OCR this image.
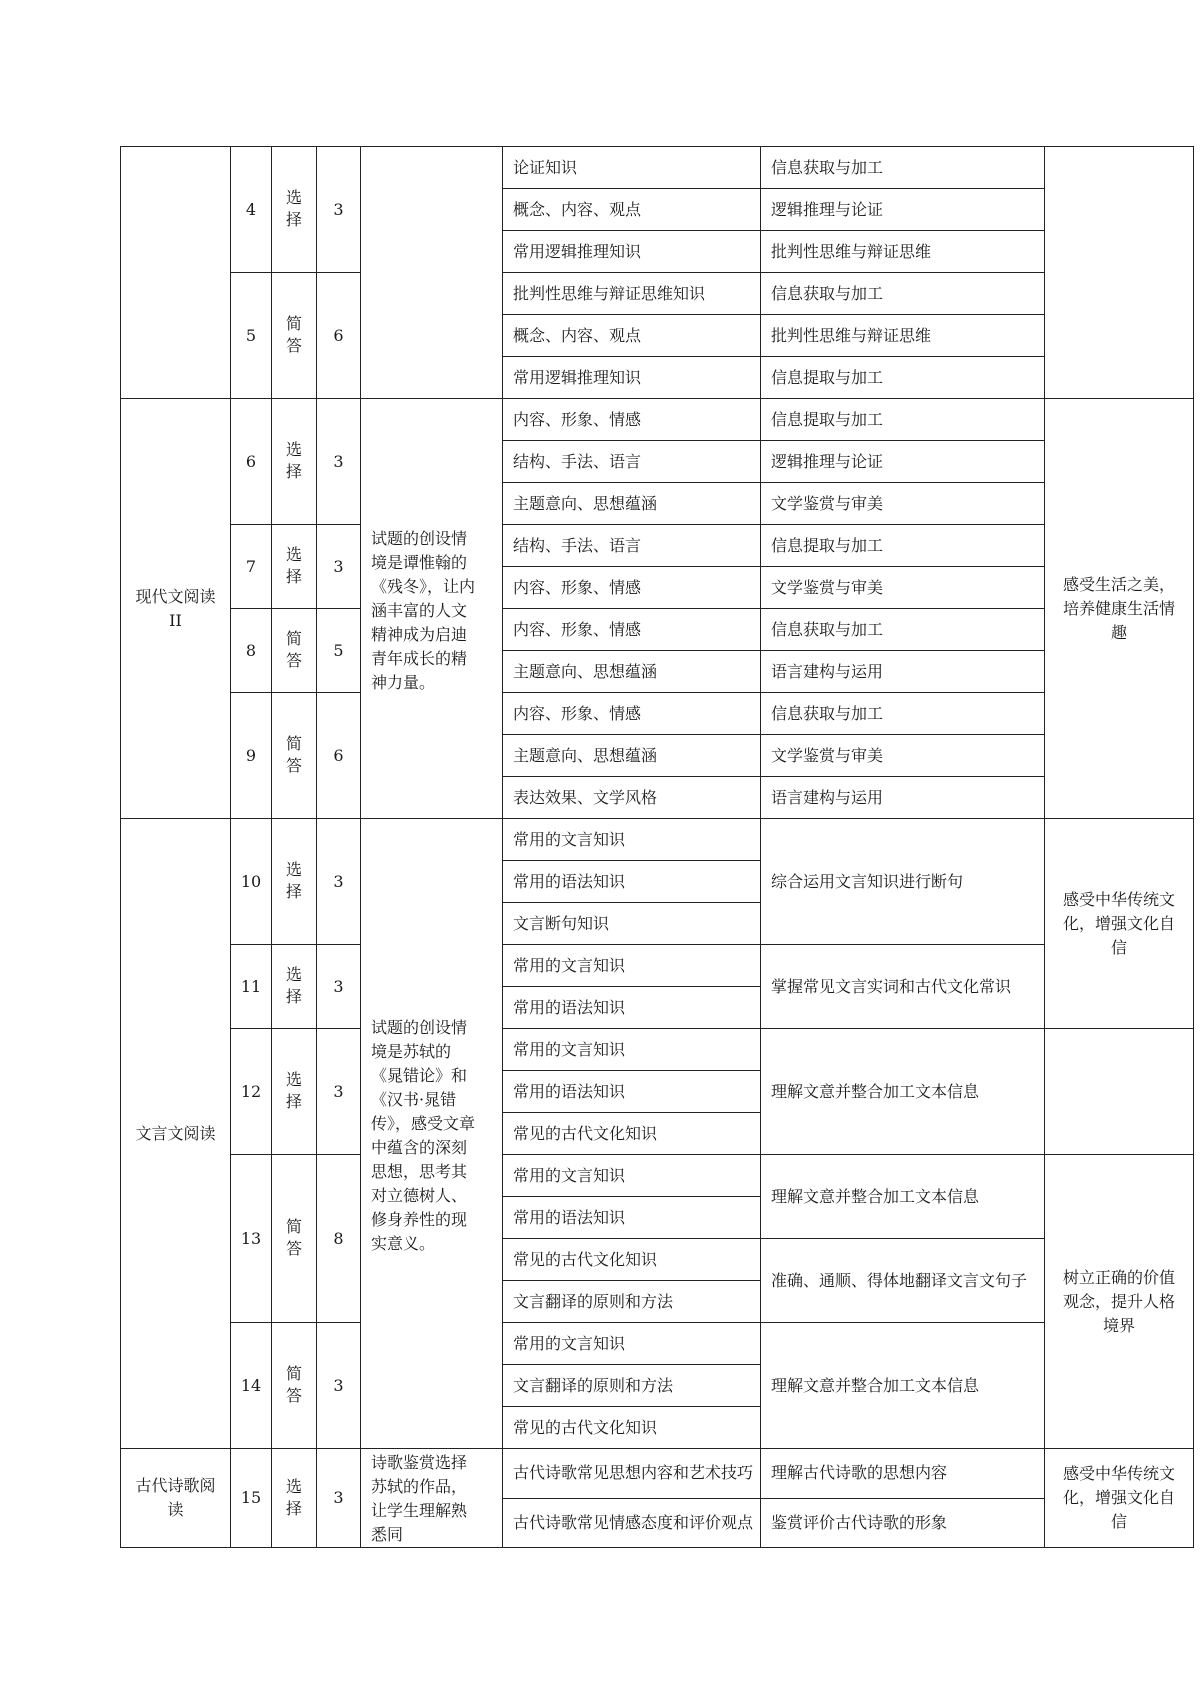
	4	选择	3		论证知识	信息获取与加工	
					概念、内容、观点	逻辑推理与论证	
					常用逻辑推理知识	批判性思维与辩证思维	
	5	简答	6		批判性思维与辩证思维知识	信息获取与加工	
					概念、内容、观点	批判性思维与辩证思维	
					常用逻辑推理知识	信息提取与加工	
现代文阅读 II	6	选择	3	试题的创设情境是谭惟翰的《残冬》，让内涵丰富的人文精神成为启迪青年成长的精神力量。	内容、形象、情感	信息提取与加工	感受生活之美，培养健康生活情趣
					结构、手法、语言	逻辑推理与论证	
					主题意向、思想蕴涵	文学鉴赏与审美	
	7	选择	3		结构、手法、语言	信息提取与加工	
					内容、形象、情感	文学鉴赏与审美	
	8	简答	5		内容、形象、情感	信息获取与加工	
					主题意向、思想蕴涵	语言建构与运用	
	9	简答	6		内容、形象、情感	信息获取与加工	
					主题意向、思想蕴涵	文学鉴赏与审美	
					表达效果、文学风格	语言建构与运用	
文言文阅读	10	选择	3	试题的创设情境是苏轼的《晁错论》和《汉书·晁错传》，感受文章中蕴含的深刻思想，思考其对立德树人、修身养性的现实意义。	常用的文言知识	综合运用文言知识进行断句	感受中华传统文化，增强文化自信
					常用的语法知识		
					文言断句知识		
	11	选择	3		常用的文言知识	掌握常见文言实词和古代文化常识	
					常用的语法知识		
	12	选择	3		常用的文言知识	理解文意并整合加工文本信息	
					常用的语法知识		
					常见的古代文化知识		
	13	简答	8		常用的文言知识	理解文意并整合加工文本信息	树立正确的价值观念，提升人格境界
					常用的语法知识		
					常见的古代文化知识	准确、通顺、得体地翻译文言文句子	
					文言翻译的原则和方法		
	14	简答	3		常用的文言知识	理解文意并整合加工文本信息	
					文言翻译的原则和方法		
					常见的古代文化知识		
古代诗歌阅读	15	选择	3	诗歌鉴赏选择苏轼的作品，让学生理解熟悉同	古代诗歌常见思想内容和艺术技巧	理解古代诗歌的思想内容	感受中华传统文化，增强文化自信
					古代诗歌常见情感态度和评价观点	鉴赏评价古代诗歌的形象	
